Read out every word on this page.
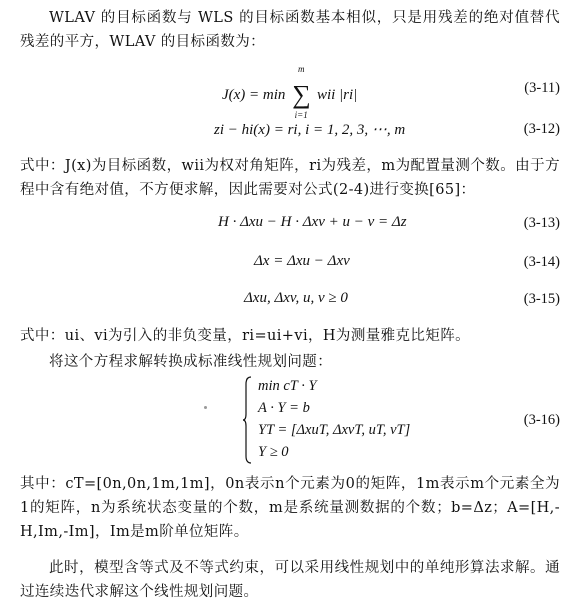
WLAV 的目标函数与 WLS 的目标函数基本相似，只是用残差的绝对值替代残差的平方，WLAV 的目标函数为：
J(x) = min
m
∑
i=1
wii |ri|	(3-11)
zi − hi(x) = ri, i = 1, 2, 3, ⋯, m	(3-12)
式中：J(x)为目标函数，wii为权对角矩阵，ri为残差，m为配置量测个数。由于方程中含有绝对值，不方便求解，因此需要对公式(2-4)进行变换[65]：
H · Δxu − H · Δxv + u − v = Δz	(3-13)
Δx = Δxu − Δxv	(3-14)
Δxu, Δxv, u, v ≥ 0	(3-15)
式中：ui、vi为引入的非负变量，ri=ui+vi，H为测量雅克比矩阵。
将这个方程求解转换成标准线性规划问题：
min cT · Y
A · Y = b
YT = [ΔxuT, ΔxvT, uT, vT]
Y ≥ 0
(3-16)
其中：cT=[0n,0n,1m,1m]，0n表示n个元素为0的矩阵，1m表示m个元素全为1的矩阵，n为系统状态变量的个数，m是系统量测数据的个数；b=Δz；A=[H,-H,Im,-Im]，Im是m阶单位矩阵。
此时，模型含等式及不等式约束，可以采用线性规划中的单纯形算法求解。通过连续迭代求解这个线性规划问题。
